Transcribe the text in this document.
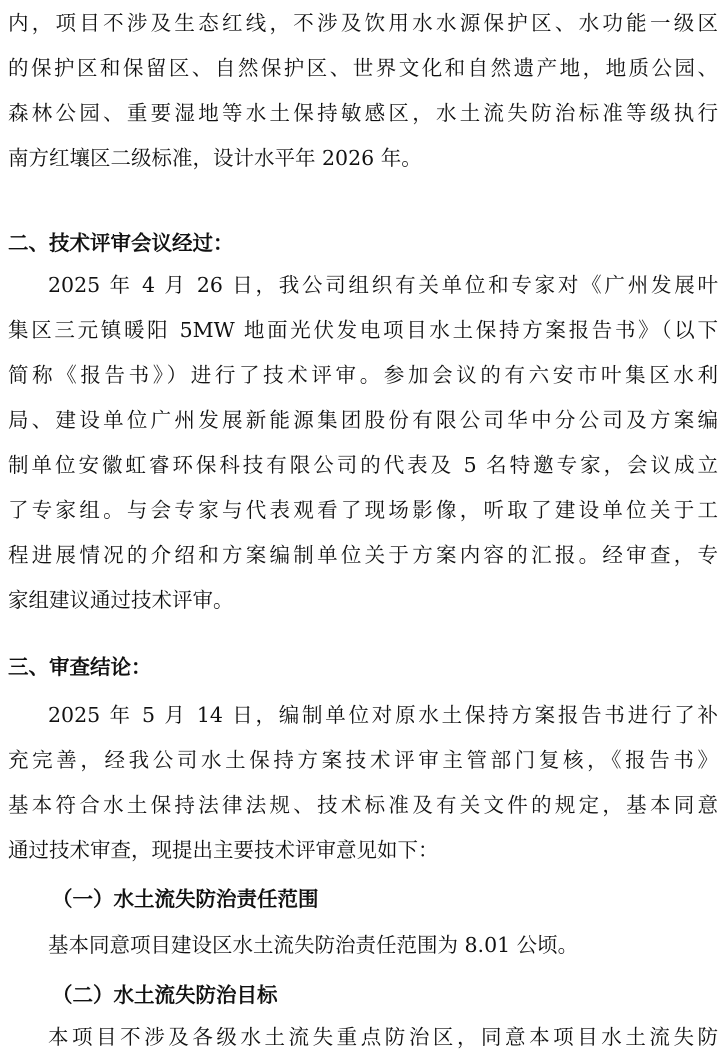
内，项目不涉及生态红线，不涉及饮用水水源保护区、水功能一级区
的保护区和保留区、自然保护区、世界文化和自然遗产地，地质公园、
森林公园、重要湿地等水土保持敏感区，水土流失防治标准等级执行
南方红壤区二级标准，设计水平年 2026 年。
二、技术评审会议经过：
2025 年 4 月 26 日，我公司组织有关单位和专家对《广州发展叶
集区三元镇暖阳 5MW 地面光伏发电项目水土保持方案报告书》（以下
简称《报告书》）进行了技术评审。参加会议的有六安市叶集区水利
局、建设单位广州发展新能源集团股份有限公司华中分公司及方案编
制单位安徽虹睿环保科技有限公司的代表及 5 名特邀专家，会议成立
了专家组。与会专家与代表观看了现场影像，听取了建设单位关于工
程进展情况的介绍和方案编制单位关于方案内容的汇报。经审查，专
家组建议通过技术评审。
三、审查结论：
2025 年 5 月 14 日，编制单位对原水土保持方案报告书进行了补
充完善，经我公司水土保持方案技术评审主管部门复核，《报告书》
基本符合水土保持法律法规、技术标准及有关文件的规定，基本同意
通过技术审查，现提出主要技术评审意见如下：
（一）水土流失防治责任范围
基本同意项目建设区水土流失防治责任范围为 8.01 公顷。
（二）水土流失防治目标
本项目不涉及各级水土流失重点防治区，同意本项目水土流失防
